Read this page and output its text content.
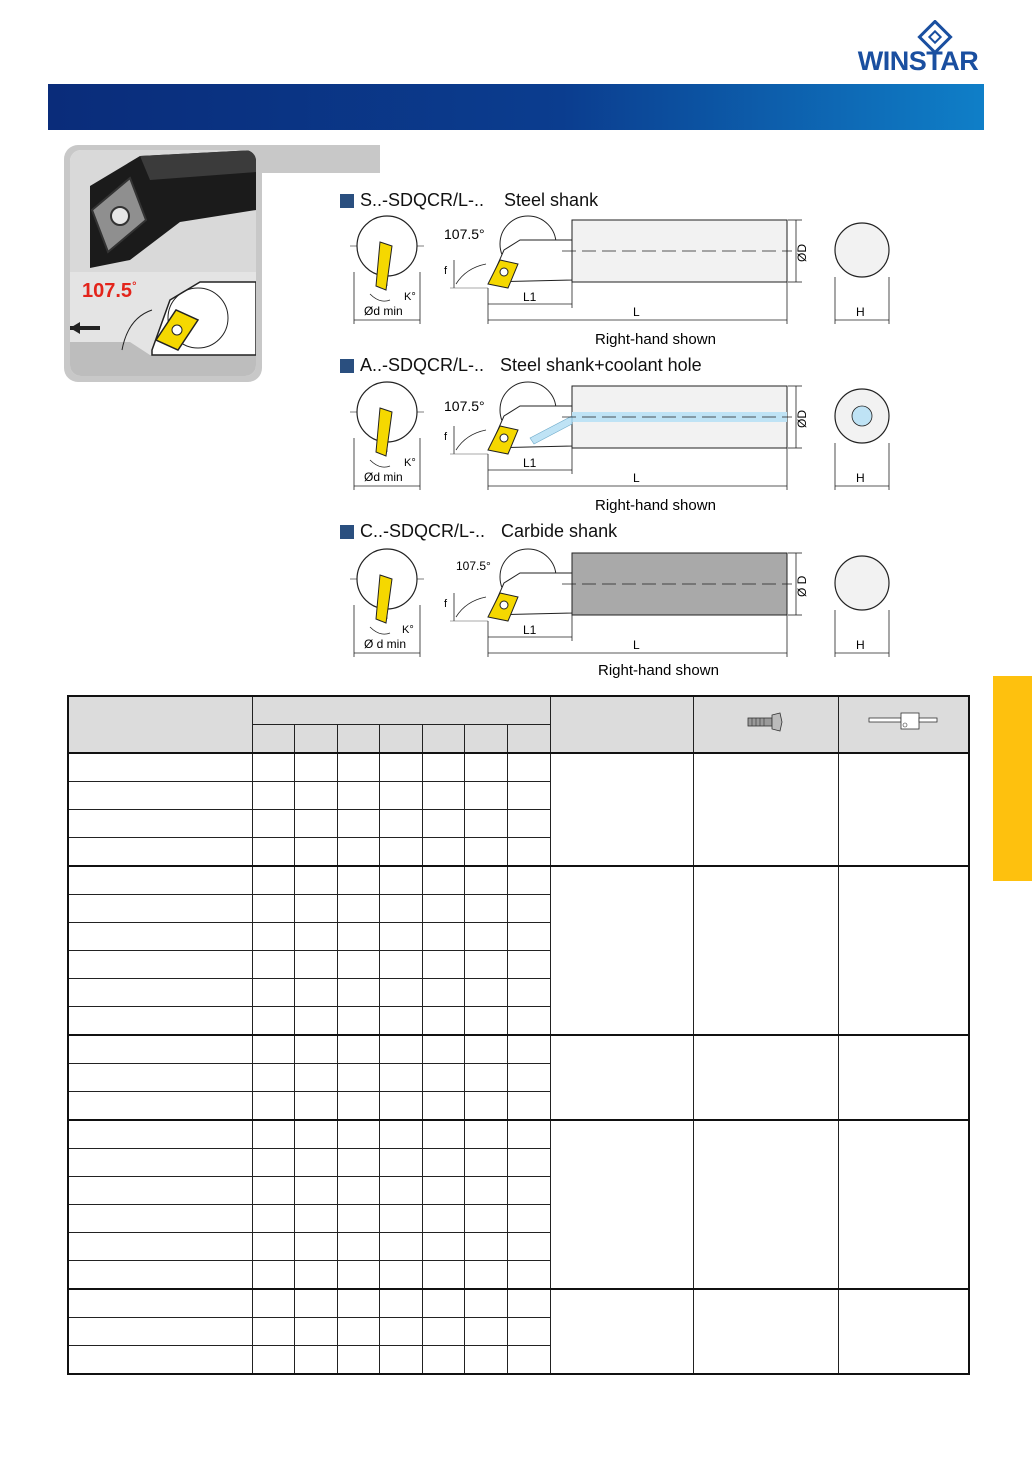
WINSTAR
107.5°
S..-SDQCR/L-.. Steel shank
107.5°
f
K°
Ød min
L1
L
ØD
H
Right-hand shown
A..-SDQCR/L-.. Steel shank+coolant hole
107.5°
f
K°
Ød min
L1
L
ØD
H
Right-hand shown
C..-SDQCR/L-.. Carbide shank
107.5°
f
K°
Ø d min
L1
L
Ø D
H
Right-hand shown
